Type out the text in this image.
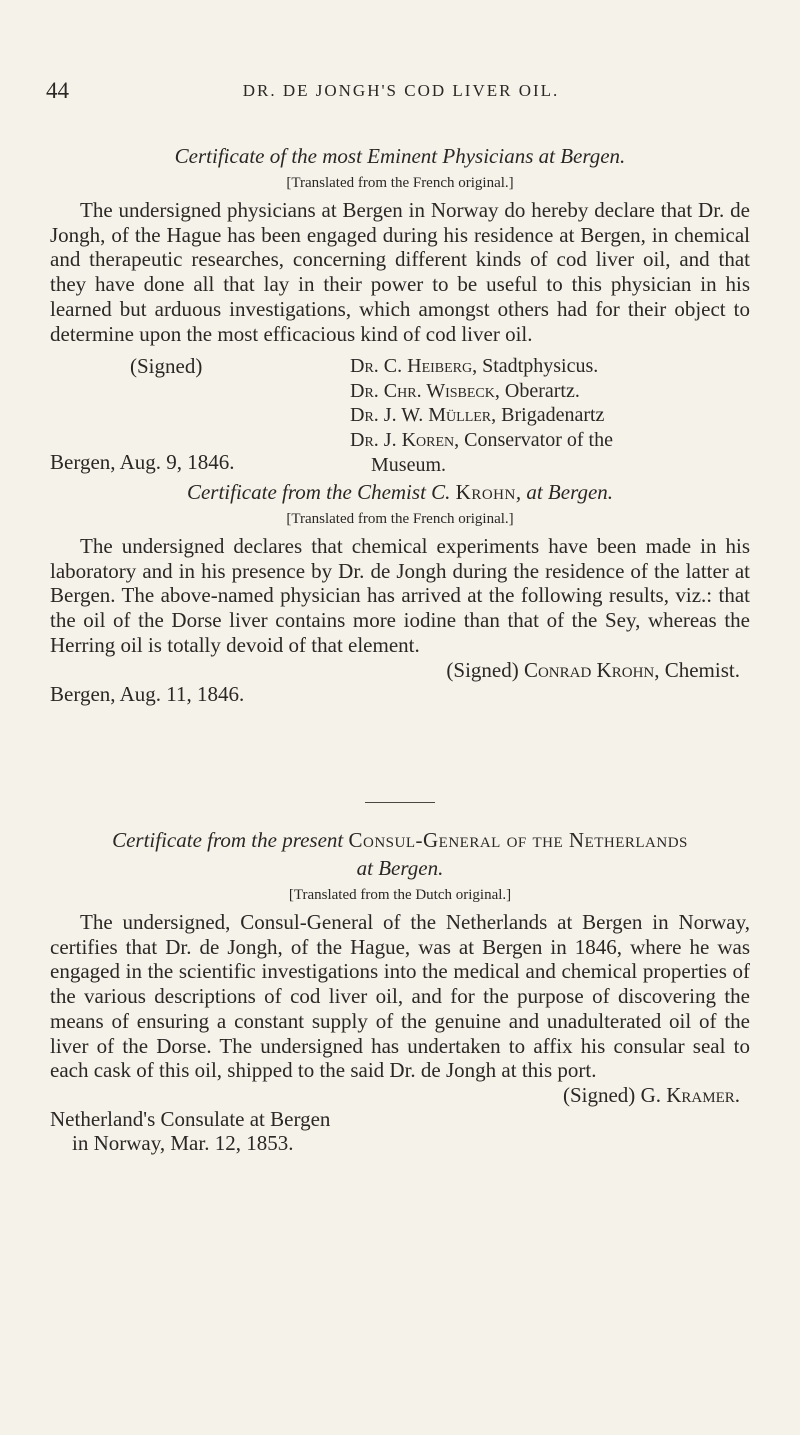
44	DR. DE JONGH'S COD LIVER OIL.

Certificate of the most Eminent Physicians at Bergen.

[Translated from the French original.]

The undersigned physicians at Bergen in Norway do hereby declare that Dr. de Jongh, of the Hague has been engaged during his residence at Bergen, in chemical and therapeutic researches, concerning different kinds of cod liver oil, and that they have done all that lay in their power to be useful to this physician in his learned but arduous investigations, which amongst others had for their object to determine upon the most efficacious kind of cod liver oil.

(Signed)
Bergen, Aug. 9, 1846.
Dr. C. Heiberg, Stadtphysicus.
Dr. Chr. Wisbeck, Oberartz.
Dr. J. W. Müller, Brigadenartz
Dr. J. Koren, Conservator of the
Museum.

Certificate from the Chemist C. Krohn, at Bergen.

[Translated from the French original.]

The undersigned declares that chemical experiments have been made in his laboratory and in his presence by Dr. de Jongh during the residence of the latter at Bergen. The above-named physician has arrived at the following results, viz.: that the oil of the Dorse liver contains more iodine than that of the Sey, whereas the Herring oil is totally devoid of that element.

(Signed) Conrad Krohn, Chemist.
Bergen, Aug. 11, 1846.

Certificate from the present Consul-General of the Netherlands
at Bergen.

[Translated from the Dutch original.]

The undersigned, Consul-General of the Netherlands at Bergen in Norway, certifies that Dr. de Jongh, of the Hague, was at Bergen in 1846, where he was engaged in the scientific investigations into the medical and chemical properties of the various descriptions of cod liver oil, and for the purpose of discovering the means of ensuring a constant supply of the genuine and unadulterated oil of the liver of the Dorse. The undersigned has undertaken to affix his consular seal to each cask of this oil, shipped to the said Dr. de Jongh at this port.

(Signed) G. Kramer.
Netherland's Consulate at Bergen
in Norway, Mar. 12, 1853.
